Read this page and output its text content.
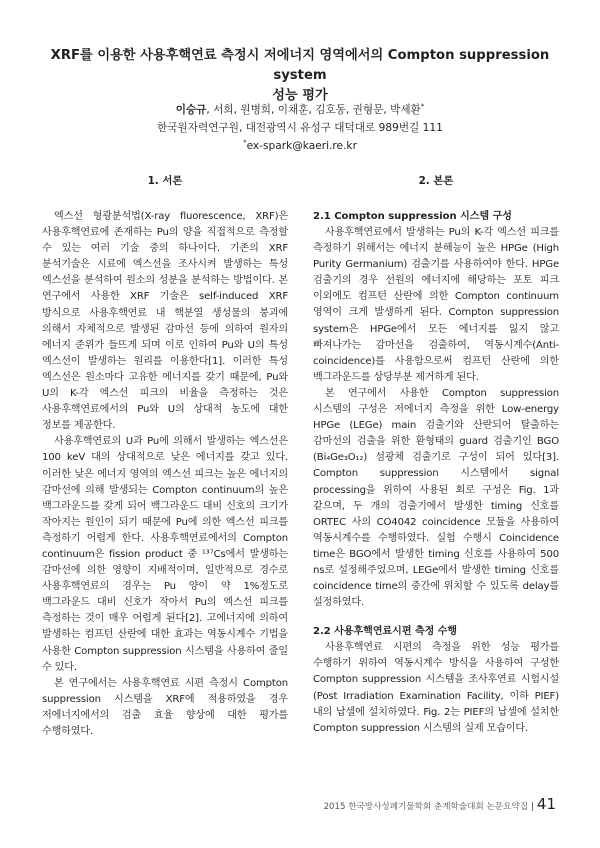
XRF를 이용한 사용후핵연료 측정시 저에너지 영역에서의 Compton suppression system
성능 평가
이승규, 서희, 원병희, 이채훈, 김호동, 권형문, 박세환*
한국원자력연구원, 대전광역시 유성구 대덕대로 989번길 111
*ex-spark@kaeri.re.kr
1. 서론

엑스선 형광분석법(X-ray fluorescence, XRF)은 사용후핵연료에 존재하는 Pu의 양을 직접적으로 측정할 수 있는 여러 기술 중의 하나이다. 기존의 XRF 분석기술은 시료에 엑스선을 조사시켜 발생하는 특성 엑스선을 분석하여 원소의 성분을 분석하는 방법이다. 본 연구에서 사용한 XRF 기술은 self-induced XRF 방식으로 사용후핵연료 내 핵분열 생성물의 붕괴에 의해서 자체적으로 발생된 감마선 등에 의하여 원자의 에너지 준위가 들뜨게 되며 이로 인하여 Pu와 U의 특성 엑스선이 발생하는 원리를 이용한다[1]. 이러한 특성 엑스선은 원소마다 고유한 에너지를 갖기 때문에, Pu와 U의 K-각 엑스선 피크의 비율을 측정하는 것은 사용후핵연료에서의 Pu와 U의 상대적 농도에 대한 정보를 제공한다.

사용후핵연료의 U과 Pu에 의해서 발생하는 엑스선은 100 keV 대의 상대적으로 낮은 에너지를 갖고 있다. 이러한 낮은 에너지 영역의 엑스선 피크는 높은 에너지의 감마선에 의해 발생되는 Compton continuum의 높은 백그라운드를 갖게 되어 백그라운드 대비 신호의 크기가 작아지는 원인이 되기 때문에 Pu에 의한 엑스선 피크를 측정하기 어렵게 한다. 사용후핵연료에서의 Compton continuum은 fission product 중 ¹³⁷Cs에서 발생하는 감마선에 의한 영향이 지배적이며, 일반적으로 경수로 사용후핵연료의 경우는 Pu 양이 약 1%정도로 백그라운드 대비 신호가 작아서 Pu의 엑스선 피크를 측정하는 것이 매우 어렵게 된다[2]. 고에너지에 의하여 발생하는 컴프턴 산란에 대한 효과는 역동시계수 기법을 사용한 Compton suppression 시스템을 사용하여 줄일 수 있다.

본 연구에서는 사용후핵연료 시편 측정시 Compton suppression 시스템을 XRF에 적용하였을 경우 저에너지에서의 검출 효율 향상에 대한 평가를 수행하였다.

2. 본론
2.1 Compton suppression 시스템 구성

사용후핵연료에서 발생하는 Pu의 K-각 엑스선 피크를 측정하기 위해서는 에너지 분해능이 높은 HPGe (High Purity Germanium) 검출기를 사용하여야 한다. HPGe 검출기의 경우 선원의 에너지에 해당하는 포토 피크 이외에도 컴프턴 산란에 의한 Compton continuum 영역이 크게 발생하게 된다. Compton suppression system은 HPGe에서 모든 에너지를 잃지 않고 빠져나가는 감마선을 검출하여, 역동시계수(Anti-coincidence)를 사용함으로써 컴프턴 산란에 의한 백그라운드를 상당부분 제거하게 된다.

본 연구에서 사용한 Compton suppression 시스템의 구성은 저에너지 측정을 위한 Low-energy HPGe (LEGe) main 검출기와 산란되어 탈출하는 감마선의 검출을 위한 환형태의 guard 검출기인 BGO (Bi₄Ge₃O₁₂) 섬광체 검출기로 구성이 되어 있다[3]. Compton suppression 시스템에서 signal processing을 위하여 사용된 회로 구성은 Fig. 1과 같으며, 두 개의 검출기에서 발생한 timing 신호를 ORTEC 사의 CO4042 coincidence 모듈을 사용하여 역동시계수를 수행하였다. 실험 수행시 Coincidence time은 BGO에서 발생한 timing 신호를 사용하여 500 ns로 설정해주었으며, LEGe에서 발생한 timing 신호를 coincidence time의 중간에 위치할 수 있도록 delay를 설정하였다.

2.2 사용후핵연료시편 측정 수행

사용후핵연료 시편의 측정을 위한 성능 평가를 수행하기 위하여 역동시계수 방식을 사용하여 구성한 Compton suppression 시스템을 조사후연료 시험시설 (Post Irradiation Examination Facility, 이하 PIEF) 내의 납셀에 설치하였다. Fig. 2는 PIEF의 납셀에 설치한 Compton suppression 시스템의 실제 모습이다.

2015 한국방사성폐기물학회 춘계학술대회 논문요약집 | 41
